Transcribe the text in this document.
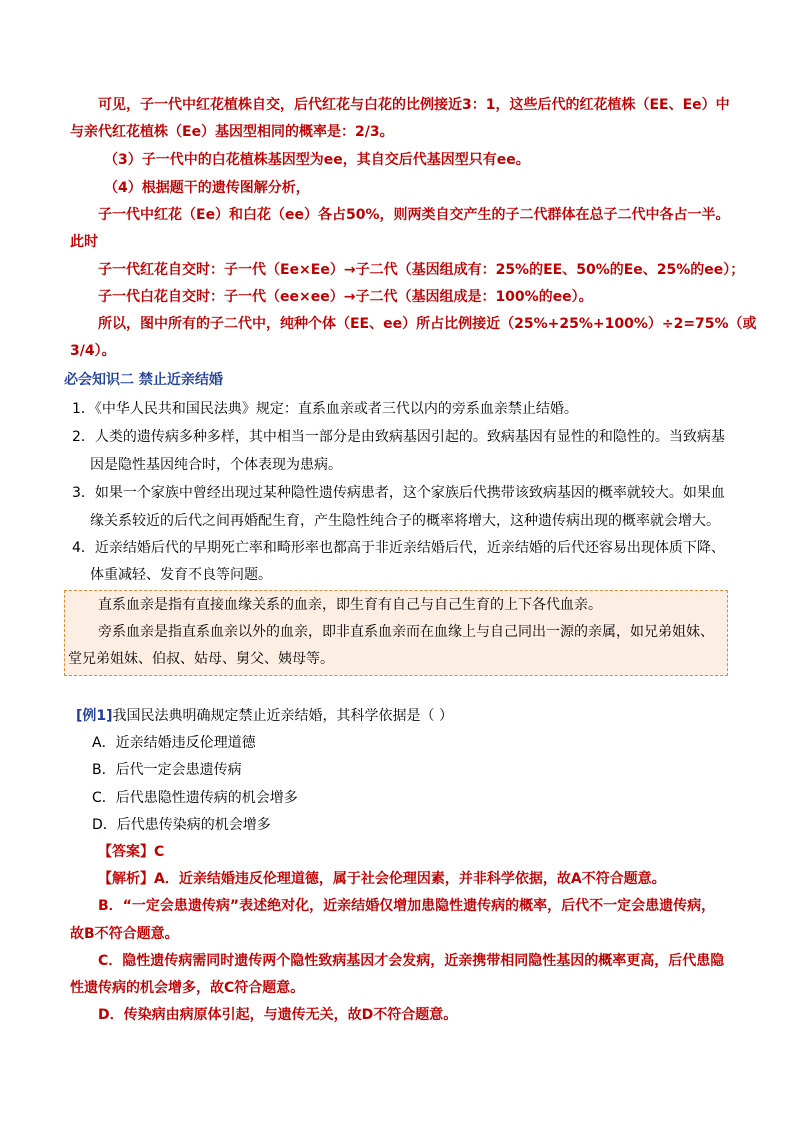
可见，子一代中红花植株自交，后代红花与白花的比例接近3：1，这些后代的红花植株（EE、Ee）中
与亲代红花植株（Ee）基因型相同的概率是：2/3。
（3）子一代中的白花植株基因型为ee，其自交后代基因型只有ee。
（4）根据题干的遗传图解分析，
子一代中红花（Ee）和白花（ee）各占50%，则两类自交产生的子二代群体在总子二代中各占一半。
此时
子一代红花自交时：子一代（Ee×Ee）→子二代（基因组成有：25%的EE、50%的Ee、25%的ee）；
子一代白花自交时：子一代（ee×ee）→子二代（基因组成是：100%的ee）。
所以，图中所有的子二代中，纯种个体（EE、ee）所占比例接近（25%+25%+100%）÷2=75%（或
3/4）。
必会知识二 禁止近亲结婚
1．《中华人民共和国民法典》规定：直系血亲或者三代以内的旁系血亲禁止结婚。
2．人类的遗传病多种多样，其中相当一部分是由致病基因引起的。致病基因有显性的和隐性的。当致病基
因是隐性基因纯合时，个体表现为患病。
3．如果一个家族中曾经出现过某种隐性遗传病患者，这个家族后代携带该致病基因的概率就较大。如果血
缘关系较近的后代之间再婚配生育，产生隐性纯合子的概率将增大，这种遗传病出现的概率就会增大。
4．近亲结婚后代的早期死亡率和畸形率也都高于非近亲结婚后代，近亲结婚的后代还容易出现体质下降、
体重减轻、发育不良等问题。
直系血亲是指有直接血缘关系的血亲，即生育有自己与自己生育的上下各代血亲。
旁系血亲是指直系血亲以外的血亲，即非直系血亲而在血缘上与自己同出一源的亲属，如兄弟姐妹、
堂兄弟姐妹、伯叔、姑母、舅父、姨母等。
[例1]我国民法典明确规定禁止近亲结婚，其科学依据是（ ）
A．近亲结婚违反伦理道德
B．后代一定会患遗传病
C．后代患隐性遗传病的机会增多
D．后代患传染病的机会增多
【答案】C
【解析】A．近亲结婚违反伦理道德，属于社会伦理因素，并非科学依据，故A不符合题意。
B．“一定会患遗传病”表述绝对化，近亲结婚仅增加患隐性遗传病的概率，后代不一定会患遗传病，
故B不符合题意。
C．隐性遗传病需同时遗传两个隐性致病基因才会发病，近亲携带相同隐性基因的概率更高，后代患隐
性遗传病的机会增多，故C符合题意。
D．传染病由病原体引起，与遗传无关，故D不符合题意。
